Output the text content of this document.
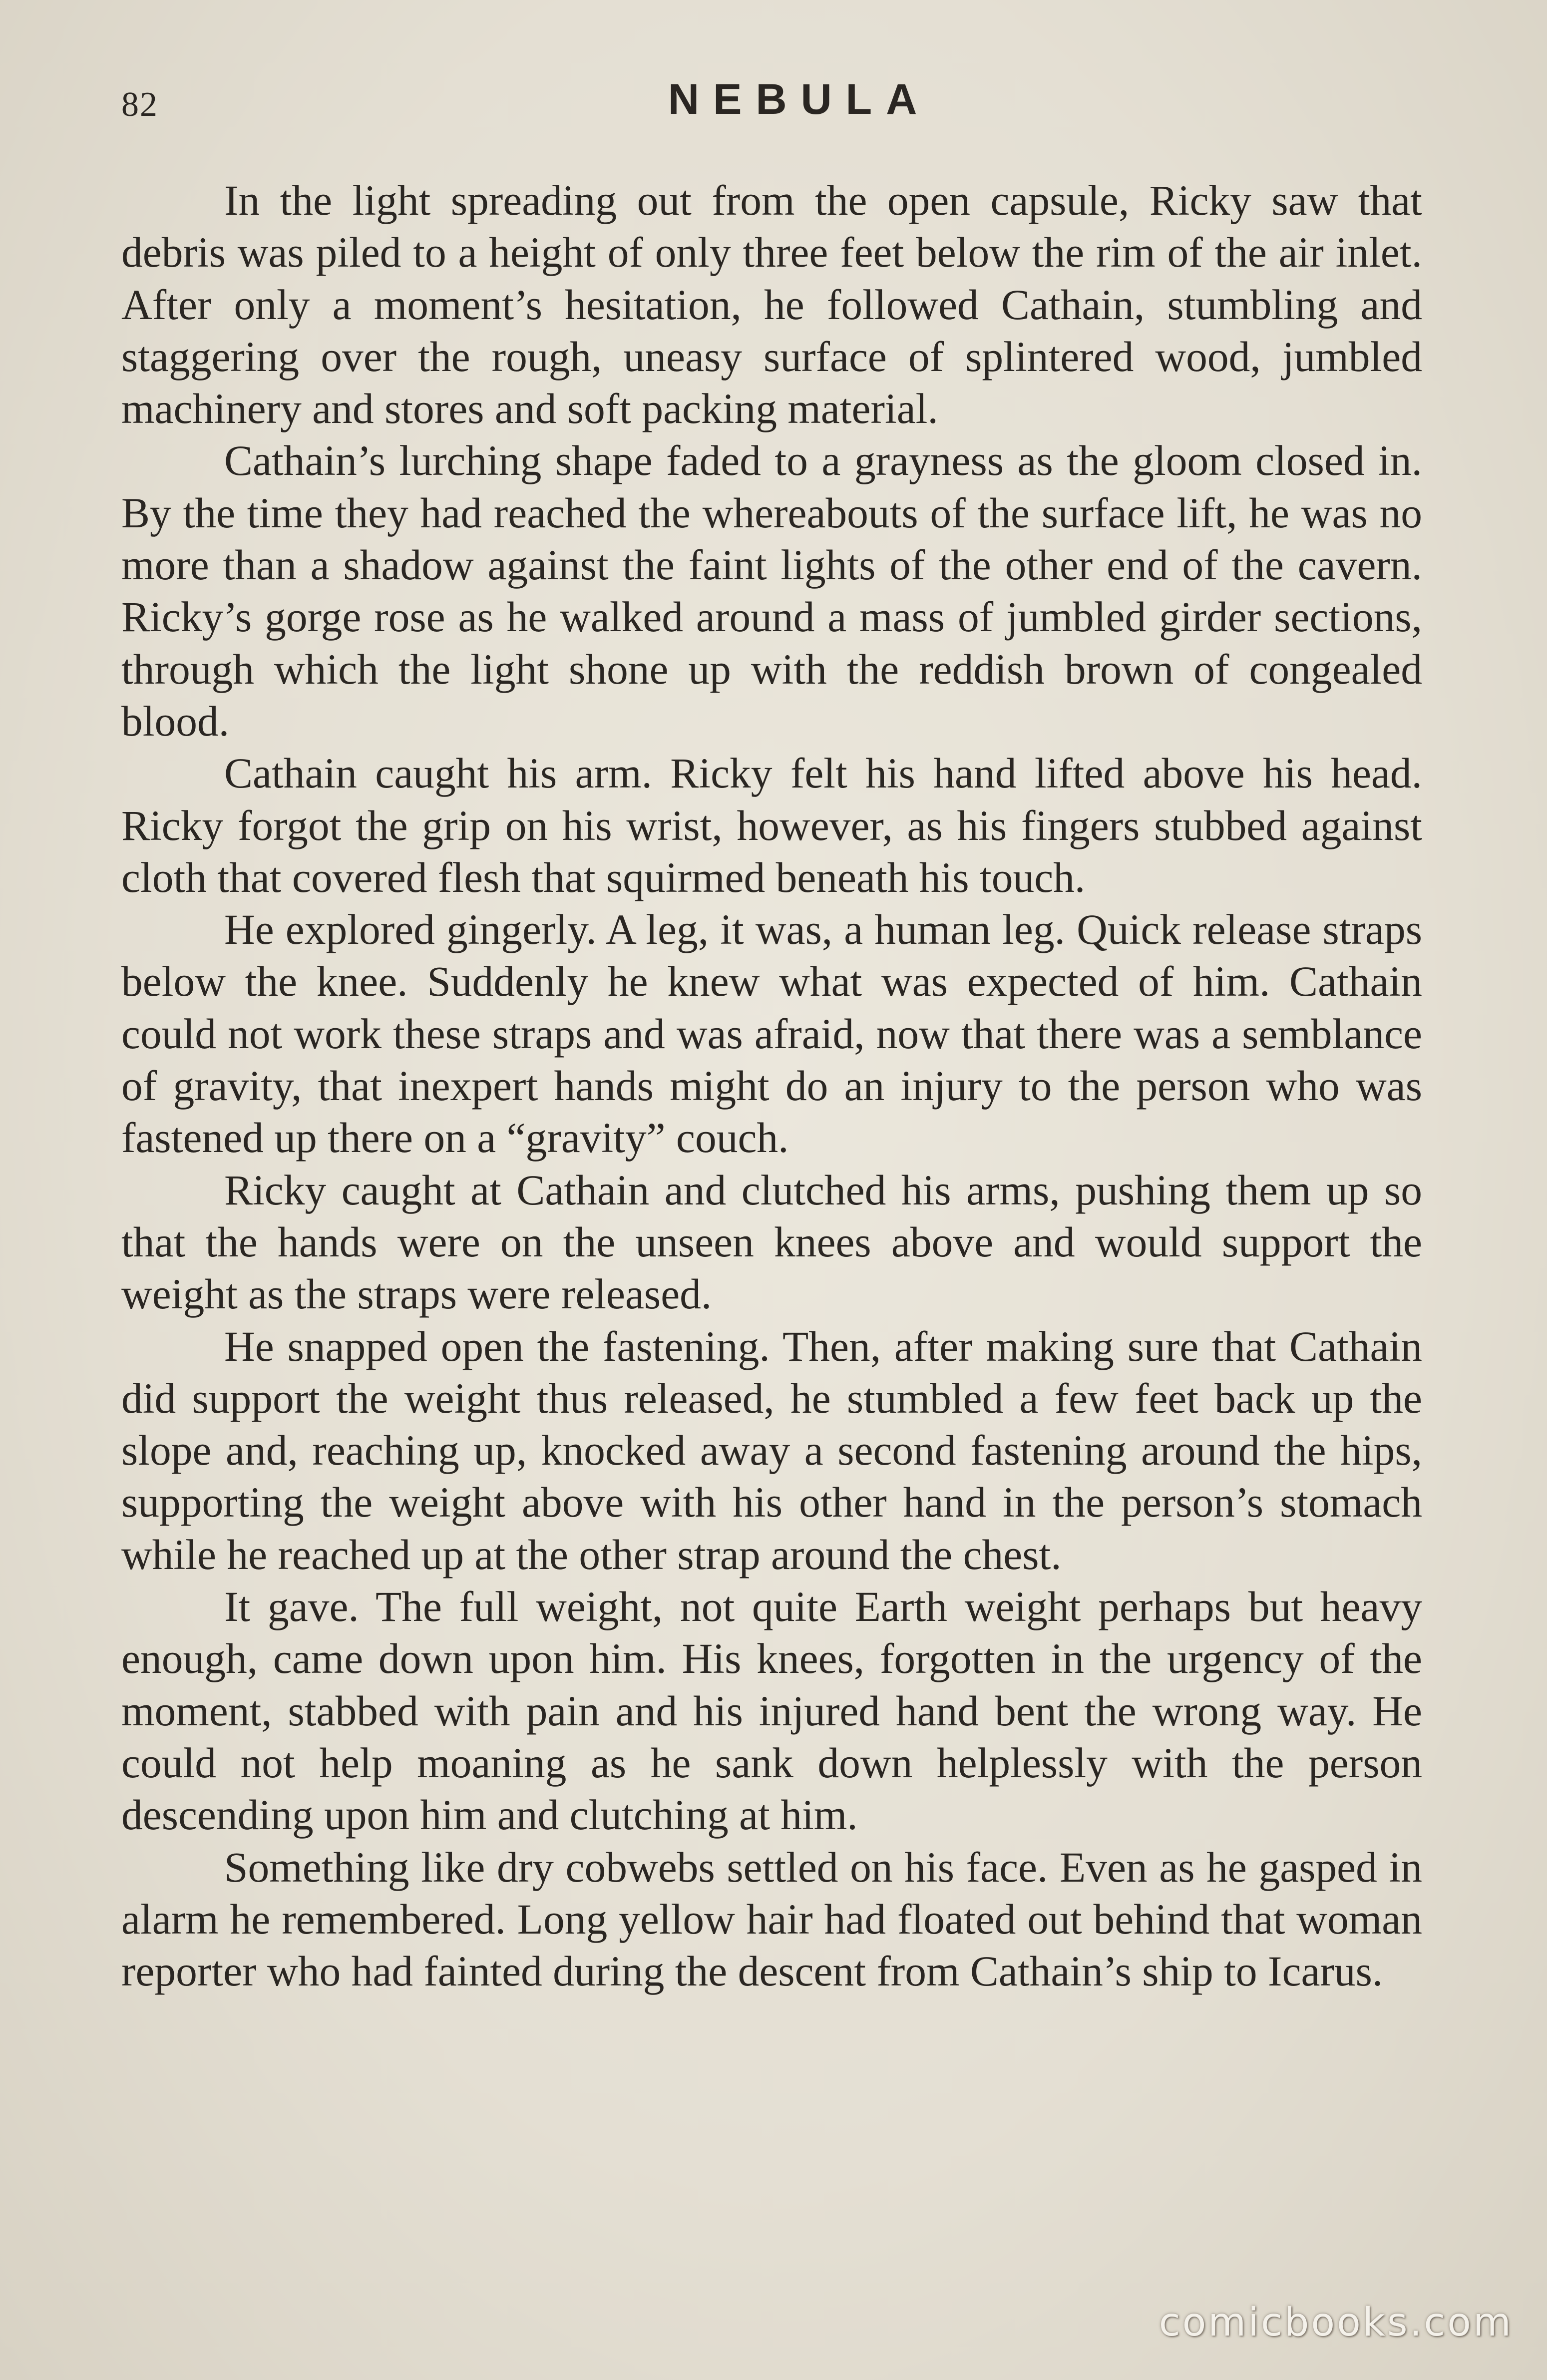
82	NEBULA

In the light spreading out from the open capsule, Ricky saw that debris was piled to a height of only three feet below the rim of the air inlet. After only a moment’s hesitation, he followed Cathain, stumbling and staggering over the rough, uneasy surface of splintered wood, jumbled machinery and stores and soft packing material.

Cathain’s lurching shape faded to a grayness as the gloom closed in. By the time they had reached the whereabouts of the surface lift, he was no more than a shadow against the faint lights of the other end of the cavern. Ricky’s gorge rose as he walked around a mass of jumbled girder sections, through which the light shone up with the reddish brown of congealed blood.

Cathain caught his arm. Ricky felt his hand lifted above his head. Ricky forgot the grip on his wrist, however, as his fingers stubbed against cloth that covered flesh that squirmed beneath his touch.

He explored gingerly. A leg, it was, a human leg. Quick release straps below the knee. Suddenly he knew what was expected of him. Cathain could not work these straps and was afraid, now that there was a semblance of gravity, that inexpert hands might do an injury to the person who was fastened up there on a “gravity” couch.

Ricky caught at Cathain and clutched his arms, pushing them up so that the hands were on the unseen knees above and would support the weight as the straps were released.

He snapped open the fastening. Then, after making sure that Cathain did support the weight thus released, he stumbled a few feet back up the slope and, reaching up, knocked away a second fastening around the hips, supporting the weight above with his other hand in the person’s stomach while he reached up at the other strap around the chest.

It gave. The full weight, not quite Earth weight perhaps but heavy enough, came down upon him. His knees, forgotten in the urgency of the moment, stabbed with pain and his injured hand bent the wrong way. He could not help moaning as he sank down helplessly with the person descending upon him and clutching at him.

Something like dry cobwebs settled on his face. Even as he gasped in alarm he remembered. Long yellow hair had floated out behind that woman reporter who had fainted during the descent from Cathain’s ship to Icarus.

comicbooks.com
